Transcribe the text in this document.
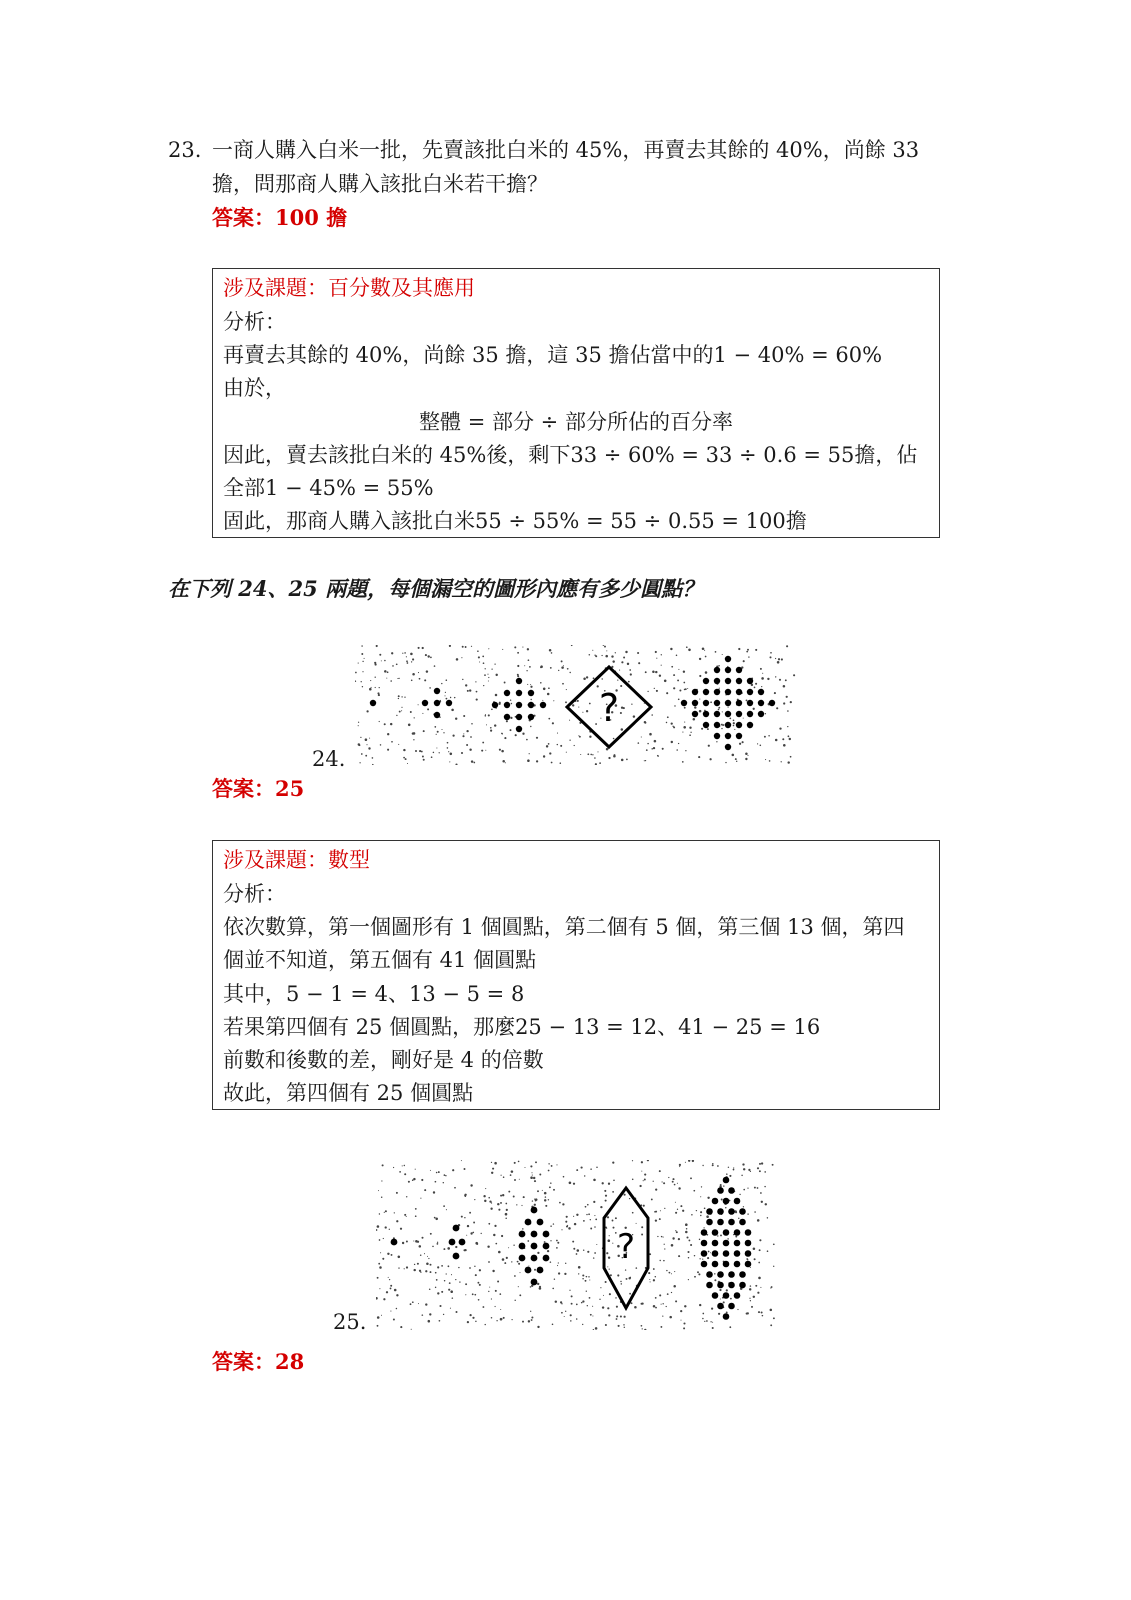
23. 一商人購入白米一批，先賣該批白米的 45%，再賣去其餘的 40%，尚餘 33
擔，問那商人購入該批白米若干擔？
答案：100 擔
涉及課題：百分數及其應用
分析：
再賣去其餘的 40%，尚餘 35 擔，這 35 擔佔當中的1 − 40% = 60%
由於，
整體 = 部分 ÷ 部分所佔的百分率
因此，賣去該批白米的 45%後，剩下33 ÷ 60% = 33 ÷ 0.6 = 55擔，佔
全部1 − 45% = 55%
固此，那商人購入該批白米55 ÷ 55% = 55 ÷ 0.55 = 100擔
在下列 24、25 兩題，每個漏空的圖形內應有多少圓點？
24.
?
答案：25
涉及課題：數型
分析：
依次數算，第一個圖形有 1 個圓點，第二個有 5 個，第三個 13 個，第四
個並不知道，第五個有 41 個圓點
其中，5 − 1 = 4、13 − 5 = 8
若果第四個有 25 個圓點，那麼25 − 13 = 12、41 − 25 = 16
前數和後數的差，剛好是 4 的倍數
故此，第四個有 25 個圓點
25.
?
答案：28
